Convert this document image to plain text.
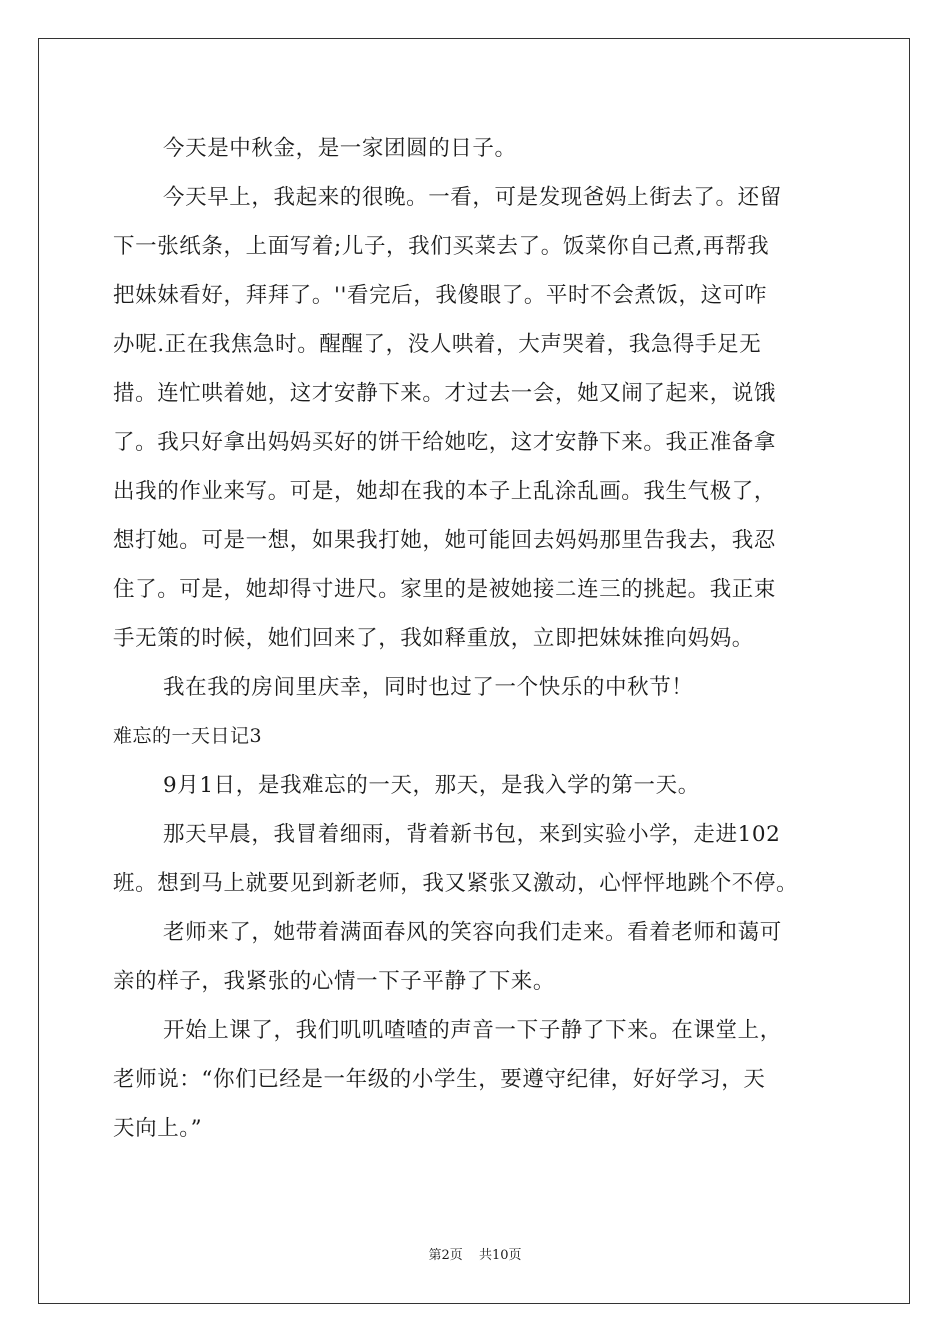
今天是中秋金，是一家团圆的日子。
今天早上，我起来的很晚。一看，可是发现爸妈上街去了。还留
下一张纸条，上面写着;儿子，我们买菜去了。饭菜你自己煮,再帮我
把妹妹看好，拜拜了。''看完后，我傻眼了。平时不会煮饭，这可咋
办呢.正在我焦急时。醒醒了，没人哄着，大声哭着，我急得手足无
措。连忙哄着她，这才安静下来。才过去一会，她又闹了起来，说饿
了。我只好拿出妈妈买好的饼干给她吃，这才安静下来。我正准备拿
出我的作业来写。可是，她却在我的本子上乱涂乱画。我生气极了，
想打她。可是一想，如果我打她，她可能回去妈妈那里告我去，我忍
住了。可是，她却得寸进尺。家里的是被她接二连三的挑起。我正束
手无策的时候，她们回来了，我如释重放，立即把妹妹推向妈妈。
我在我的房间里庆幸，同时也过了一个快乐的中秋节！
难忘的一天日记3
9月1日，是我难忘的一天，那天，是我入学的第一天。
那天早晨，我冒着细雨，背着新书包，来到实验小学，走进102
班。想到马上就要见到新老师，我又紧张又激动，心怦怦地跳个不停。
老师来了，她带着满面春风的笑容向我们走来。看着老师和蔼可
亲的样子，我紧张的心情一下子平静了下来。
开始上课了，我们叽叽喳喳的声音一下子静了下来。在课堂上，
老师说：“你们已经是一年级的小学生，要遵守纪律，好好学习，天
天向上。”
第2页 共10页
